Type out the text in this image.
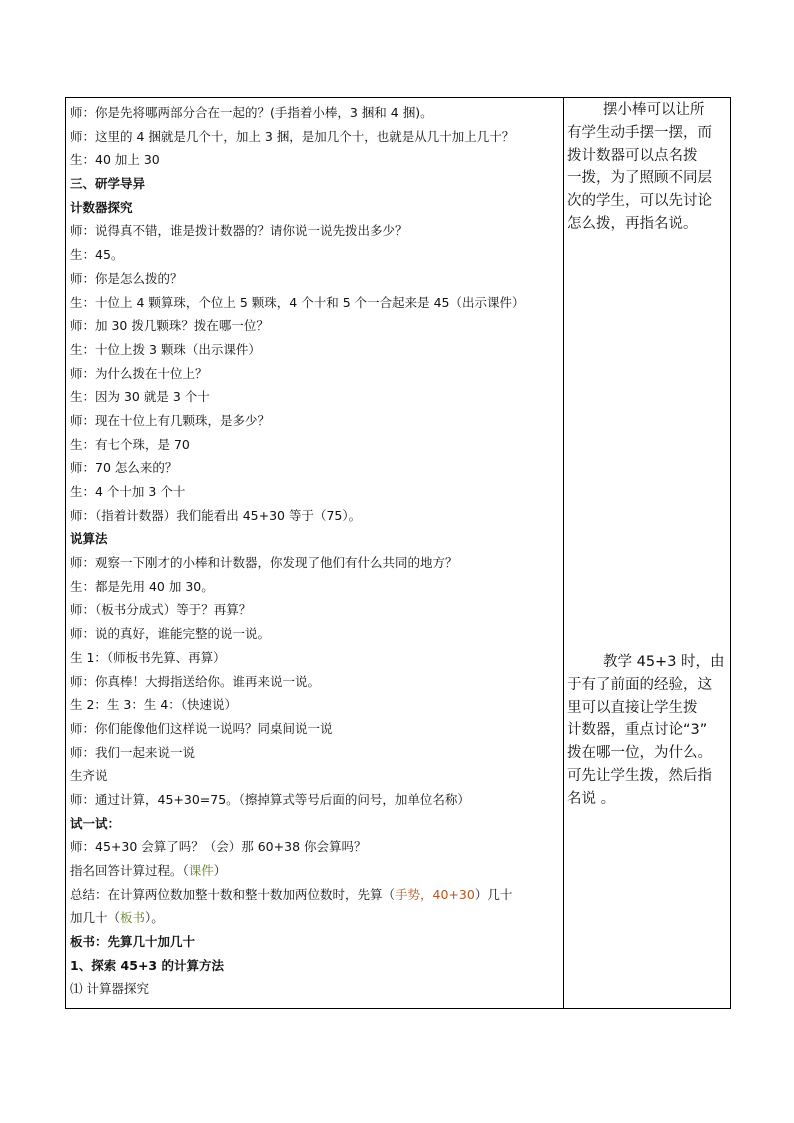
师：你是先将哪两部分合在一起的？(手指着小棒，3 捆和 4 捆)。
师：这里的 4 捆就是几个十，加上 3 捆，是加几个十，也就是从几十加上几十？
生：40 加上 30
三、研学导异
计数器探究
师：说得真不错，谁是拨计数器的？请你说一说先拨出多少？
生：45。
师：你是怎么拨的？
生：十位上 4 颗算珠，个位上 5 颗珠，4 个十和 5 个一合起来是 45（出示课件）
师：加 30 拨几颗珠？拨在哪一位？
生：十位上拨 3 颗珠（出示课件）
师：为什么拨在十位上？
生：因为 30 就是 3 个十
师：现在十位上有几颗珠，是多少？
生：有七个珠，是 70
师：70 怎么来的？
生：4 个十加 3 个十
师：（指着计数器）我们能看出 45+30 等于（75）。
说算法
师：观察一下刚才的小棒和计数器，你发现了他们有什么共同的地方？
生：都是先用 40 加 30。
师：（板书分成式）等于？再算？
师：说的真好，谁能完整的说一说。
生 1：（师板书先算、再算）
师：你真棒！大拇指送给你。谁再来说一说。
生 2：生 3：生 4：（快速说）
师：你们能像他们这样说一说吗？同桌间说一说
师：我们一起来说一说
生齐说
师：通过计算，45+30=75。（擦掉算式等号后面的问号，加单位名称）
试一试：
师：45+30 会算了吗？（会）那 60+38 你会算吗？
指名回答计算过程。（课件）
总结：在计算两位数加整十数和整十数加两位数时，先算（手势，40+30）几十
加几十（板书）。
板书：先算几十加几十
1、探索 45+3 的计算方法
⑴ 计算器探究
摆小棒可以让所
有学生动手摆一摆，而
拨计数器可以点名拨
一拨，为了照顾不同层
次的学生，可以先讨论
怎么拨，再指名说。
教学 45+3 时，由
于有了前面的经验，这
里可以直接让学生拨
计数器，重点讨论“3”
拨在哪一位，为什么。
可先让学生拨，然后指
名说 。
